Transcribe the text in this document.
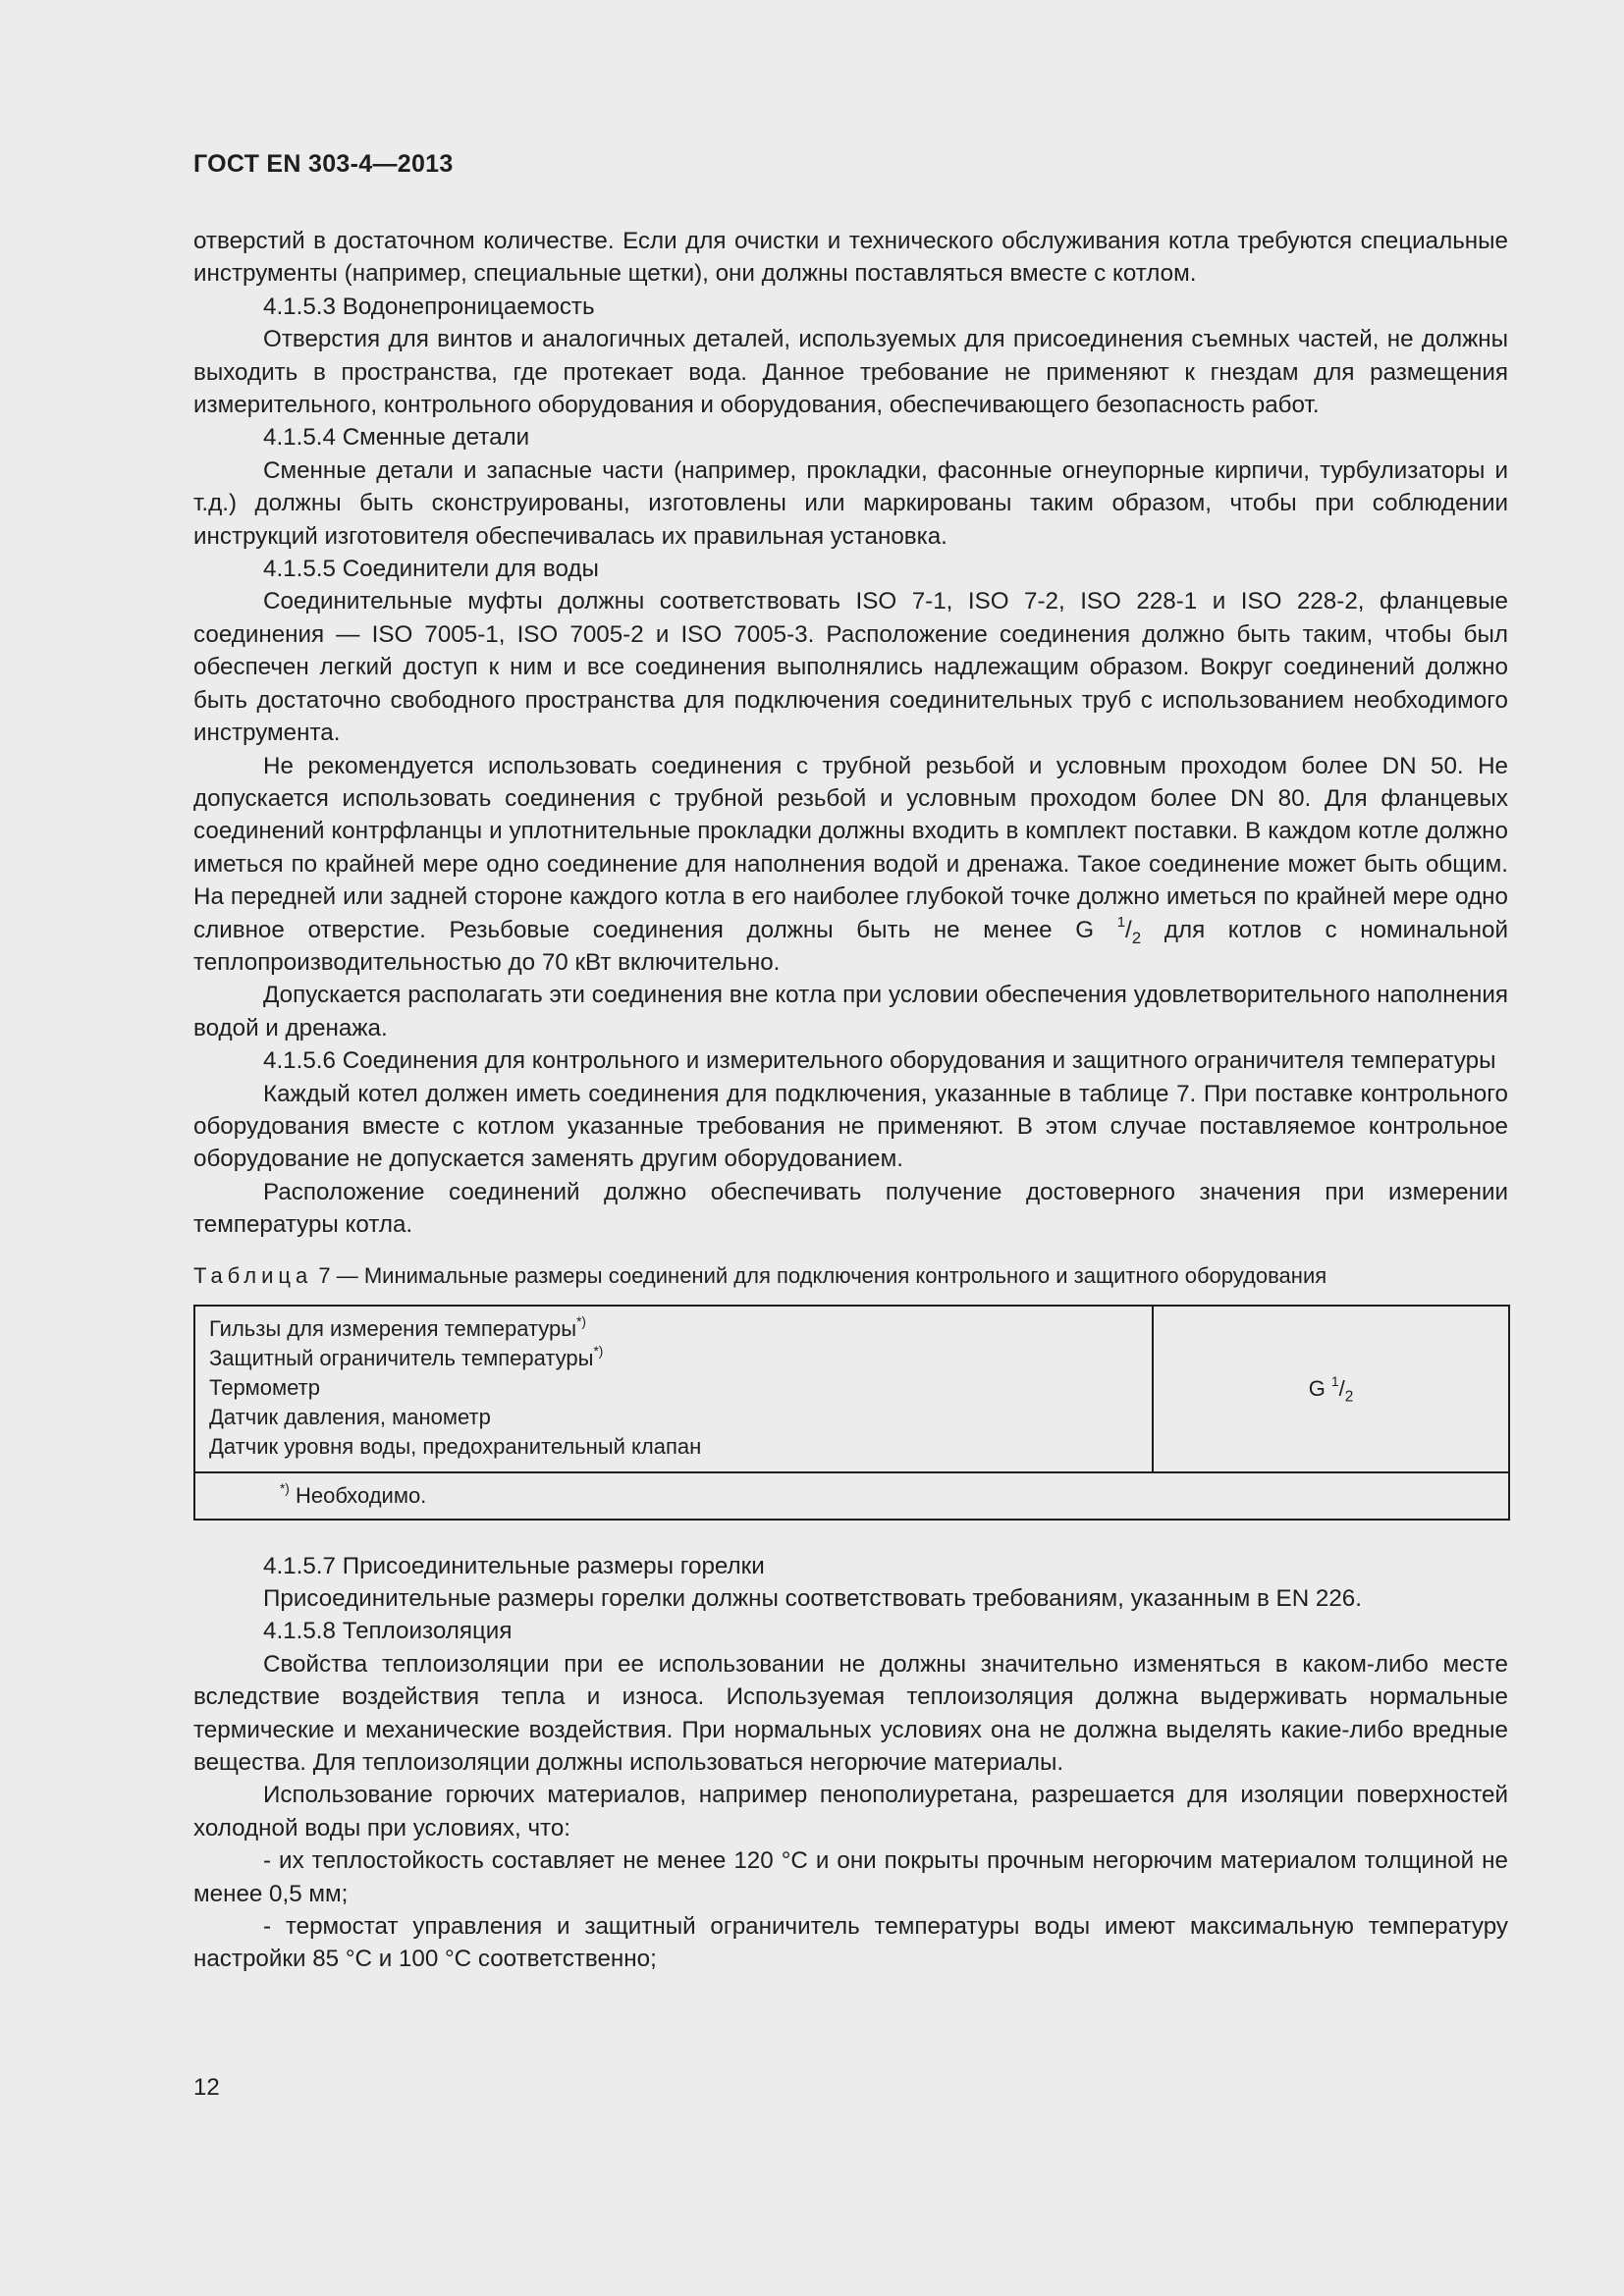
ГОСТ EN 303-4—2013

отверстий в достаточном количестве. Если для очистки и технического обслуживания котла требуются специальные инструменты (например, специальные щетки), они должны поставляться вместе с котлом.

4.1.5.3 Водонепроницаемость

Отверстия для винтов и аналогичных деталей, используемых для присоединения съемных частей, не должны выходить в пространства, где протекает вода. Данное требование не применяют к гнездам для размещения измерительного, контрольного оборудования и оборудования, обеспечивающего безопасность работ.

4.1.5.4 Сменные детали

Сменные детали и запасные части (например, прокладки, фасонные огнеупорные кирпичи, турбулизаторы и т.д.) должны быть сконструированы, изготовлены или маркированы таким образом, чтобы при соблюдении инструкций изготовителя обеспечивалась их правильная установка.

4.1.5.5 Соединители для воды

Соединительные муфты должны соответствовать ISO 7-1, ISO 7-2, ISO 228-1 и ISO 228-2, фланцевые соединения — ISO 7005-1, ISO 7005-2 и ISO 7005-3. Расположение соединения должно быть таким, чтобы был обеспечен легкий доступ к ним и все соединения выполнялись надлежащим образом. Вокруг соединений должно быть достаточно свободного пространства для подключения соединительных труб с использованием необходимого инструмента.

Не рекомендуется использовать соединения с трубной резьбой и условным проходом более DN 50. Не допускается использовать соединения с трубной резьбой и условным проходом более DN 80. Для фланцевых соединений контрфланцы и уплотнительные прокладки должны входить в комплект поставки. В каждом котле должно иметься по крайней мере одно соединение для наполнения водой и дренажа. Такое соединение может быть общим. На передней или задней стороне каждого котла в его наиболее глубокой точке должно иметься по крайней мере одно сливное отверстие. Резьбовые соединения должны быть не менее G $^1/_2$ для котлов с номинальной теплопроизводительностью до 70 кВт включительно.

Допускается располагать эти соединения вне котла при условии обеспечения удовлетворительного наполнения водой и дренажа.

4.1.5.6 Соединения для контрольного и измерительного оборудования и защитного ограничителя температуры

Каждый котел должен иметь соединения для подключения, указанные в таблице 7. При поставке контрольного оборудования вместе с котлом указанные требования не применяют. В этом случае поставляемое контрольное оборудование не допускается заменять другим оборудованием.

Расположение соединений должно обеспечивать получение достоверного значения при измерении температуры котла.

Таблица 7 — Минимальные размеры соединений для подключения контрольного и защитного оборудования

Гильзы для измерения температуры*)
Защитный ограничитель температуры*)
Термометр
Датчик давления, манометр
Датчик уровня воды, предохранительный клапан
	G $^1/_2$
*) Необходимо.

4.1.5.7 Присоединительные размеры горелки

Присоединительные размеры горелки должны соответствовать требованиям, указанным в EN 226.

4.1.5.8 Теплоизоляция

Свойства теплоизоляции при ее использовании не должны значительно изменяться в каком-либо месте вследствие воздействия тепла и износа. Используемая теплоизоляция должна выдерживать нормальные термические и механические воздействия. При нормальных условиях она не должна выделять какие-либо вредные вещества. Для теплоизоляции должны использоваться негорючие материалы.

Использование горючих материалов, например пенополиуретана, разрешается для изоляции поверхностей холодной воды при условиях, что:

- их теплостойкость составляет не менее 120 °С и они покрыты прочным негорючим материалом толщиной не менее 0,5 мм;

- термостат управления и защитный ограничитель температуры воды имеют максимальную температуру настройки 85 °С и 100 °С соответственно;

12
